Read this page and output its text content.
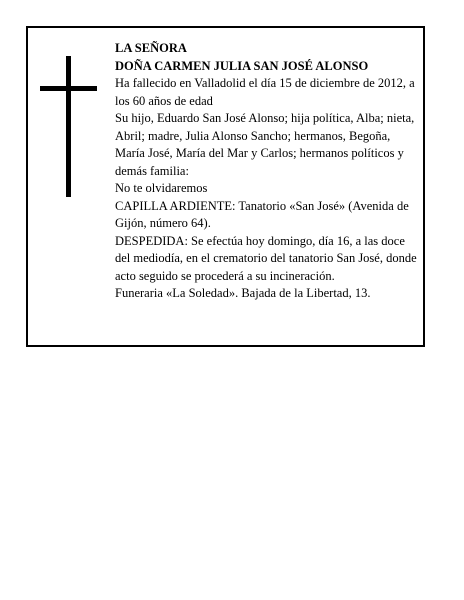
LA SEÑORA

DOÑA CARMEN JULIA SAN JOSÉ ALONSO

Ha fallecido en Valladolid el día 15 de diciembre de 2012, a los 60 años de edad

Su hijo, Eduardo San José Alonso; hija política, Alba; nieta, Abril; madre, Julia Alonso Sancho; hermanos, Begoña, María José, María del Mar y Carlos; hermanos políticos y demás familia:

No te olvidaremos

CAPILLA ARDIENTE: Tanatorio «San José» (Avenida de Gijón, número 64).

DESPEDIDA: Se efectúa hoy domingo, día 16, a las doce del mediodía, en el crematorio del tanatorio San José, donde acto seguido se procederá a su incineración.

Funeraria «La Soledad». Bajada de la Libertad, 13.
